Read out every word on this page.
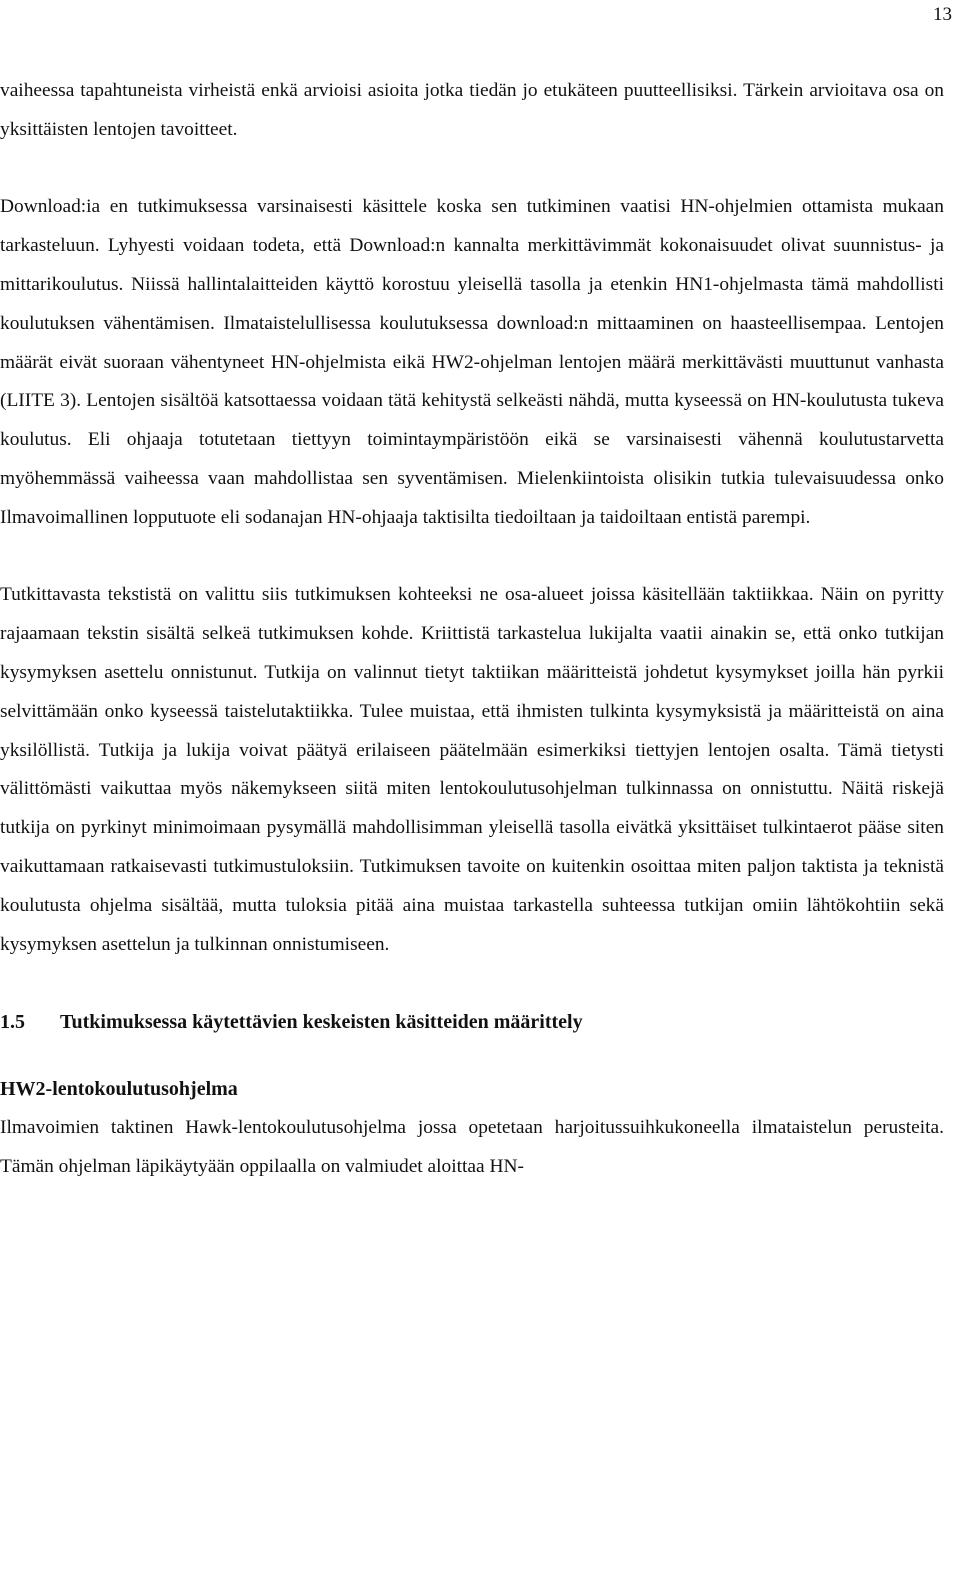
13

vaiheessa tapahtuneista virheistä enkä arvioisi asioita jotka tiedän jo etukäteen puutteellisiksi. Tärkein arvioitava osa on yksittäisten lentojen tavoitteet.

Download:ia en tutkimuksessa varsinaisesti käsittele koska sen tutkiminen vaatisi HN-ohjelmien ottamista mukaan tarkasteluun. Lyhyesti voidaan todeta, että Download:n kannalta merkittävimmät kokonaisuudet olivat suunnistus- ja mittarikoulutus. Niissä hallintalaitteiden käyttö korostuu yleisellä tasolla ja etenkin HN1-ohjelmasta tämä mahdollisti koulutuksen vähentämisen. Ilmataistelullisessa koulutuksessa download:n mittaaminen on haasteellisempaa. Lentojen määrät eivät suoraan vähentyneet HN-ohjelmista eikä HW2-ohjelman lentojen määrä merkittävästi muuttunut vanhasta (LIITE 3). Lentojen sisältöä katsottaessa voidaan tätä kehitystä selkeästi nähdä, mutta kyseessä on HN-koulutusta tukeva koulutus. Eli ohjaaja totutetaan tiettyyn toimintaympäristöön eikä se varsinaisesti vähennä koulutustarvetta myöhemmässä vaiheessa vaan mahdollistaa sen syventämisen. Mielenkiintoista olisikin tutkia tulevaisuudessa onko Ilmavoimallinen lopputuote eli sodanajan HN-ohjaaja taktisilta tiedoiltaan ja taidoiltaan entistä parempi.

Tutkittavasta tekstistä on valittu siis tutkimuksen kohteeksi ne osa-alueet joissa käsitellään taktiikkaa. Näin on pyritty rajaamaan tekstin sisältä selkeä tutkimuksen kohde. Kriittistä tarkastelua lukijalta vaatii ainakin se, että onko tutkijan kysymyksen asettelu onnistunut. Tutkija on valinnut tietyt taktiikan määritteistä johdetut kysymykset joilla hän pyrkii selvittämään onko kyseessä taistelutaktiikka. Tulee muistaa, että ihmisten tulkinta kysymyksistä ja määritteistä on aina yksilöllistä. Tutkija ja lukija voivat päätyä erilaiseen päätelmään esimerkiksi tiettyjen lentojen osalta. Tämä tietysti välittömästi vaikuttaa myös näkemykseen siitä miten lentokoulutusohjelman tulkinnassa on onnistuttu. Näitä riskejä tutkija on pyrkinyt minimoimaan pysymällä mahdollisimman yleisellä tasolla eivätkä yksittäiset tulkintaerot pääse siten vaikuttamaan ratkaisevasti tutkimustuloksiin. Tutkimuksen tavoite on kuitenkin osoittaa miten paljon taktista ja teknistä koulutusta ohjelma sisältää, mutta tuloksia pitää aina muistaa tarkastella suhteessa tutkijan omiin lähtökohtiin sekä kysymyksen asettelun ja tulkinnan onnistumiseen.

1.5 Tutkimuksessa käytettävien keskeisten käsitteiden määrittely
HW2-lentokoulutusohjelma

Ilmavoimien taktinen Hawk-lentokoulutusohjelma jossa opetetaan harjoitussuihkukoneella ilmataistelun perusteita. Tämän ohjelman läpikäytyään oppilaalla on valmiudet aloittaa HN-
